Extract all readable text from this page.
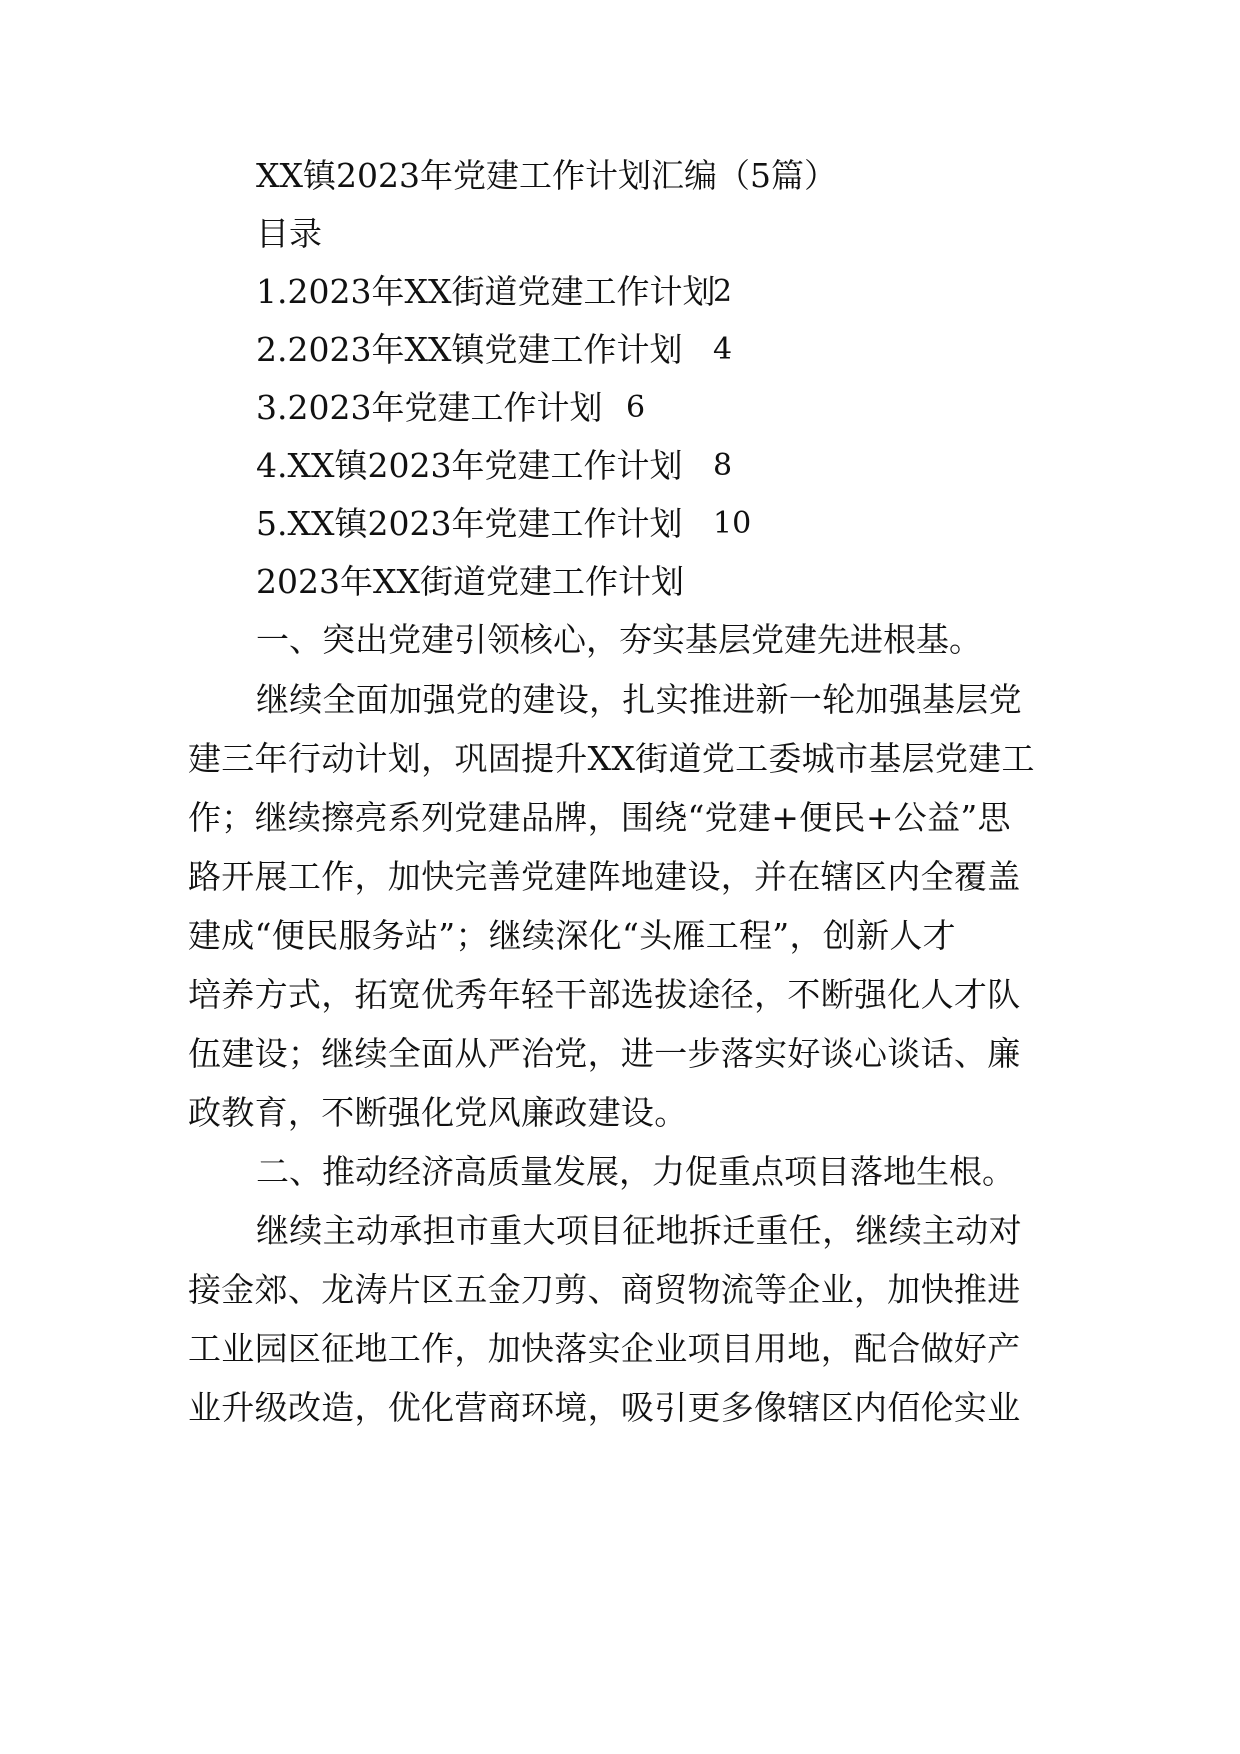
XX镇2023年党建工作计划汇编（5篇）
目录
1.2023年XX街道党建工作计划
2
2.2023年XX镇党建工作计划 4
3.2023年党建工作计划 6
4.XX镇2023年党建工作计划 8
5.XX镇2023年党建工作计划 10
2023年XX街道党建工作计划
一、突出党建引领核心，夯实基层党建先进根基。
继续全面加强党的建设，扎实推进新一轮加强基层党
建三年行动计划，巩固提升XX街道党工委城市基层党建工
作；继续擦亮系列党建品牌，围绕“党建+便民+公益”思
路开展工作，加快完善党建阵地建设，并在辖区内全覆盖
建成“便民服务站”；继续深化“头雁工程”，创新人才
培养方式，拓宽优秀年轻干部选拔途径，不断强化人才队
伍建设；继续全面从严治党，进一步落实好谈心谈话、廉
政教育，不断强化党风廉政建设。
二、推动经济高质量发展，力促重点项目落地生根。
继续主动承担市重大项目征地拆迁重任，继续主动对
接金郊、龙涛片区五金刀剪、商贸物流等企业，加快推进
工业园区征地工作，加快落实企业项目用地，配合做好产
业升级改造，优化营商环境，吸引更多像辖区内佰伦实业
